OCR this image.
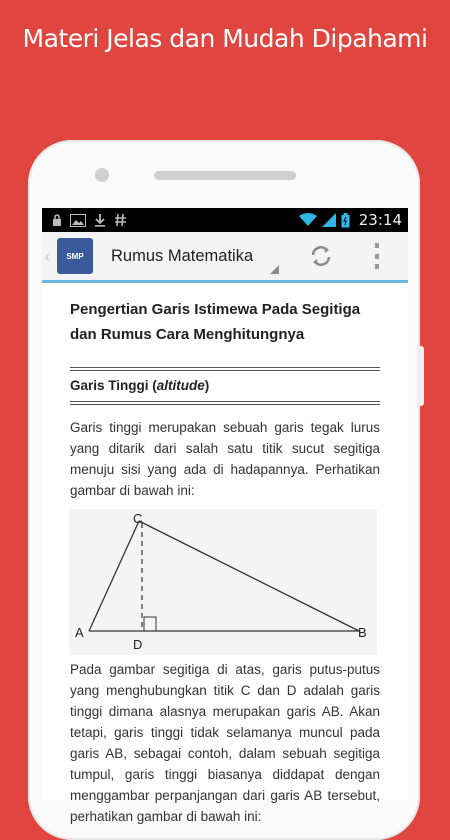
Materi Jelas dan Mudah Dipahami
23:14
‹	SMP Rumus Matematika
Pengertian Garis Istimewa Pada Segitiga dan Rumus Cara Menghitungnya
Garis Tinggi (altitude)
Garis tinggi merupakan sebuah garis tegak lurus yang ditarik dari salah satu titik sucut segitiga menuju sisi yang ada di hadapannya. Perhatikan gambar di bawah ini:
C
A	B
D
Pada gambar segitiga di atas, garis putus-putus yang menghubungkan titik C dan D adalah garis tinggi dimana alasnya merupakan garis AB. Akan tetapi, garis tinggi tidak selamanya muncul pada garis AB, sebagai contoh, dalam sebuah segitiga tumpul, garis tinggi biasanya diddapat dengan menggambar perpanjangan dari garis AB tersebut, perhatikan gambar di bawah ini:
